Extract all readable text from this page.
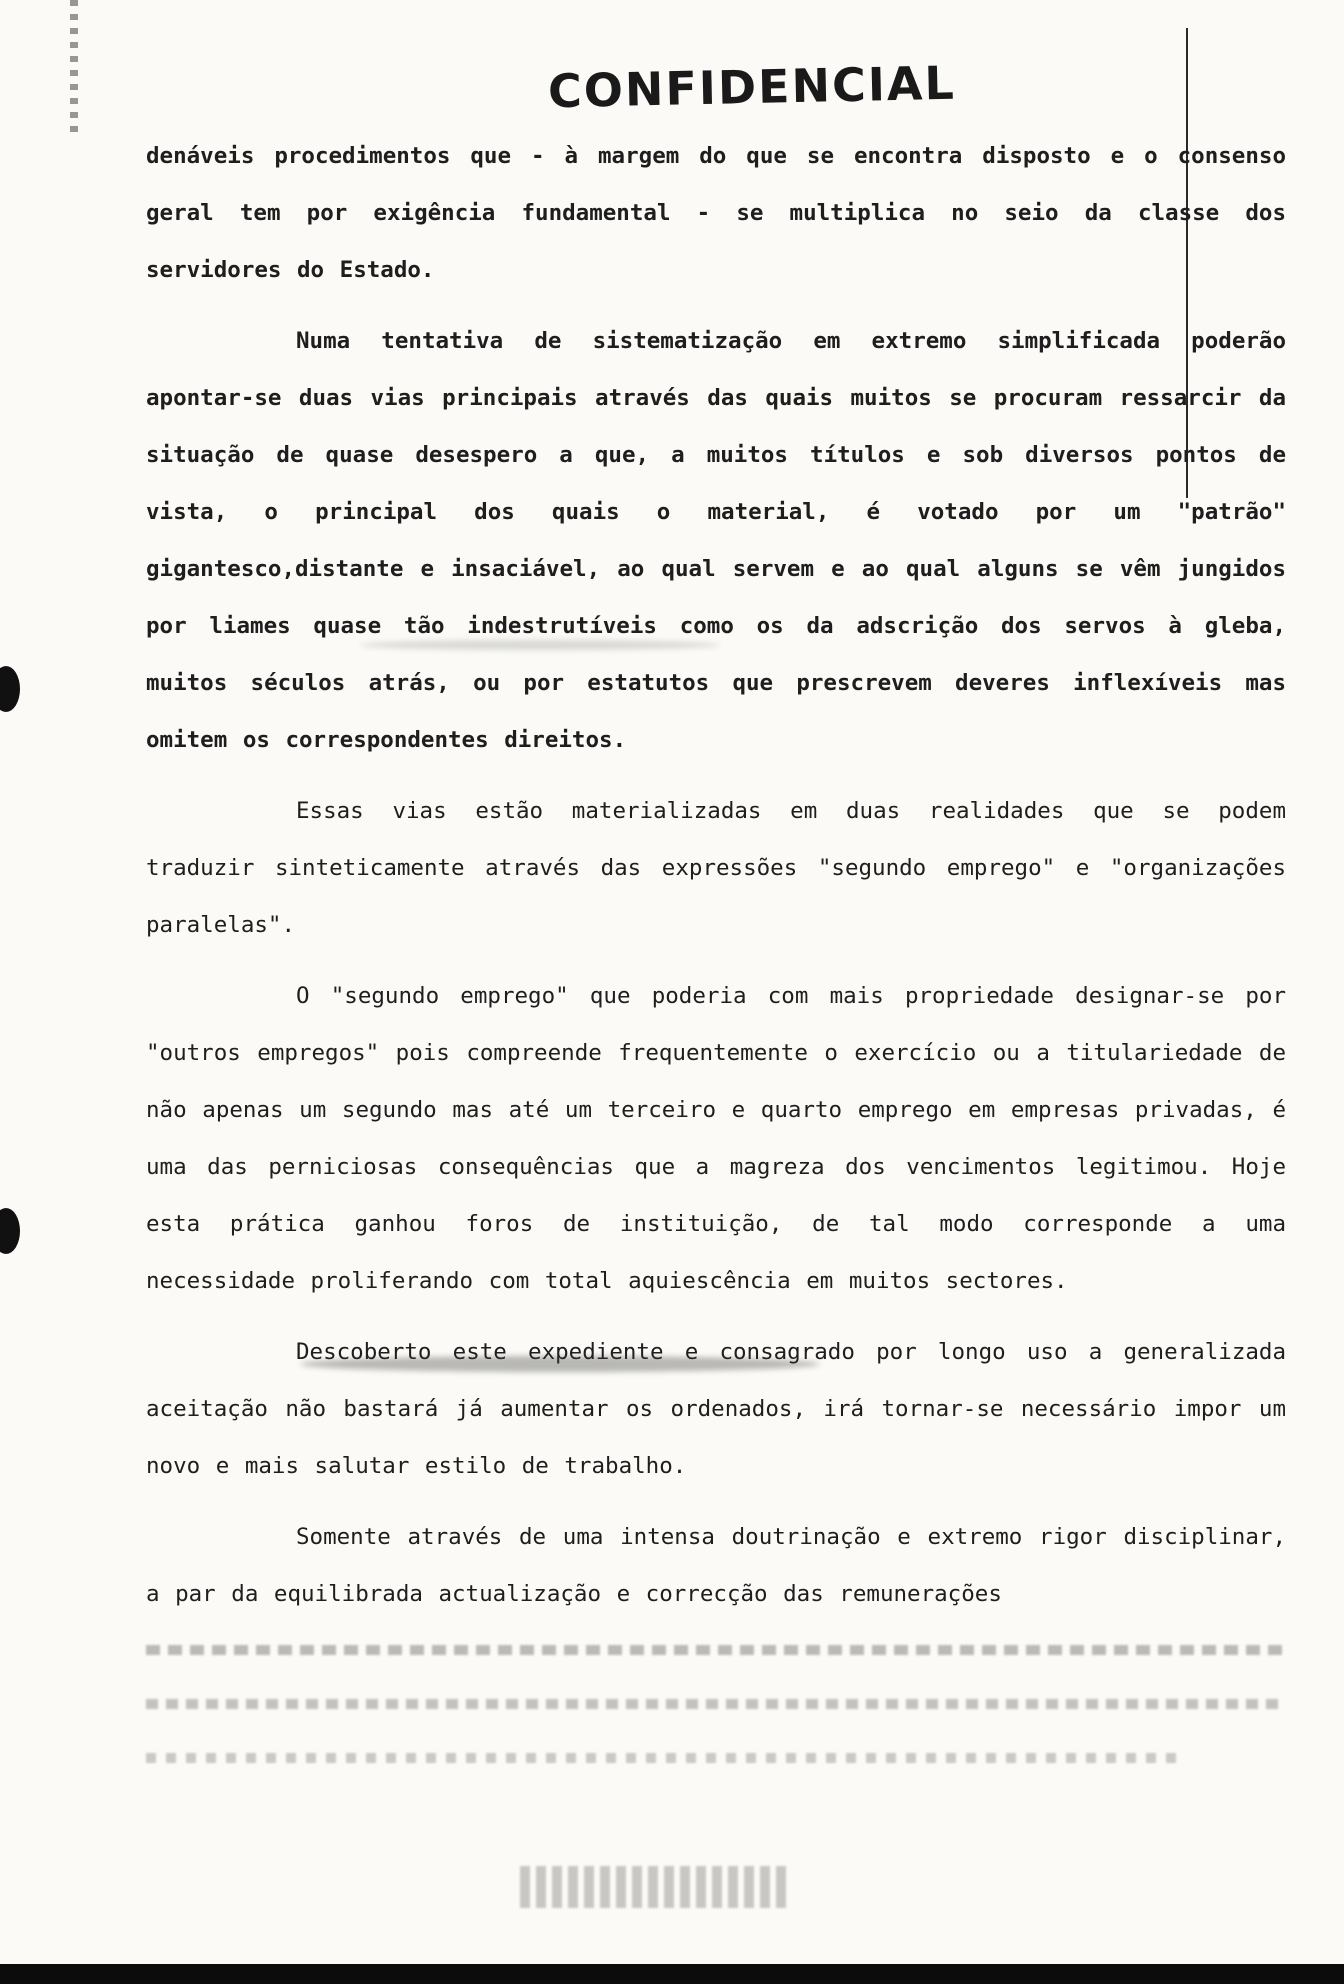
CONFIDENCIAL

denáveis procedimentos que - à margem do que se encontra disposto e o consenso geral tem por exigência fundamental - se multiplica no seio da classe dos servidores do Estado.

Numa tentativa de sistematização em extremo simplificada poderão apontar-se duas vias principais através das quais muitos se procuram ressarcir da situação de quase desespero a que, a muitos títulos e sob diversos pontos de vista, o principal dos quais o material, é votado por um "patrão" gigantesco,distante e insaciável, ao qual servem e ao qual alguns se vêm jungidos por liames quase tão indestrutíveis como os da adscrição dos servos à gleba, muitos séculos atrás, ou por estatutos que prescrevem deveres inflexíveis mas omitem os correspondentes direitos.

Essas vias estão materializadas em duas realidades que se podem traduzir sinteticamente através das expressões "segundo emprego" e "organizações paralelas".

O "segundo emprego" que poderia com mais propriedade designar-se por "outros empregos" pois compreende frequentemente o exercício ou a titulariedade de não apenas um segundo mas até um terceiro e quarto emprego em empresas privadas, é uma das perniciosas consequências que a magreza dos vencimentos legitimou. Hoje esta prática ganhou foros de instituição, de tal modo corresponde a uma necessidade proliferando com total aquiescência em muitos sectores.

Descoberto este expediente e consagrado por longo uso a generalizada aceitação não bastará já aumentar os ordenados, irá tornar-se necessário impor um novo e mais salutar estilo de trabalho.

Somente através de uma intensa doutrinação e extremo rigor disciplinar, a par da equilibrada actualização e correcção das remunerações
